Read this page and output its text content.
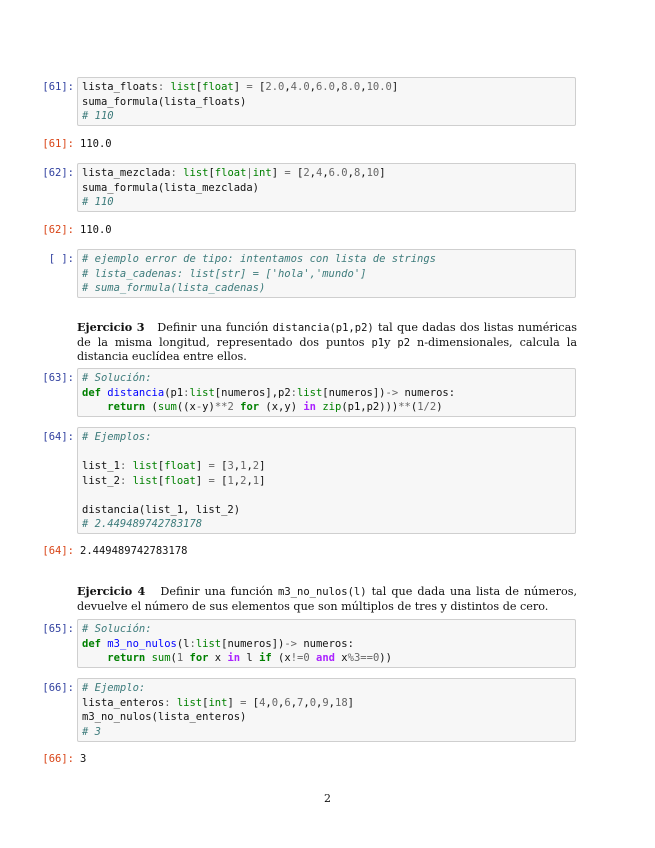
[61]: lista_floats: list[float] = [2.0,4.0,6.0,8.0,10.0]
suma_formula(lista_floats)
# 110
[61]: 110.0
[62]: lista_mezclada: list[float|int] = [2,4,6.0,8,10]
suma_formula(lista_mezclada)
# 110
[62]: 110.0
[ ]: # ejemplo error de tipo: intentamos con lista de strings
# lista_cadenas: list[str] = ['hola','mundo']
# suma_formula(lista_cadenas)
Ejercicio 3 Definir una función distancia(p1,p2) tal que dadas dos listas numéricas de la misma longitud, representado dos puntos p1y p2 n-dimensionales, calcula la distancia euclídea entre ellos.
[63]: # Solución:
def distancia(p1:list[numeros],p2:list[numeros])-> numeros:
return (sum((x-y)**2 for (x,y) in zip(p1,p2)))**(1/2)
[64]: # Ejemplos:

list_1: list[float] = [3,1,2]
list_2: list[float] = [1,2,1]

distancia(list_1, list_2)
# 2.449489742783178
[64]: 2.449489742783178
Ejercicio 4 Definir una función m3_no_nulos(l) tal que dada una lista de números, devuelve el número de sus elementos que son múltiplos de tres y distintos de cero.
[65]: # Solución:
def m3_no_nulos(l:list[numeros])-> numeros:
return sum(1 for x in l if (x!=0 and x%3==0))
[66]: # Ejemplo:
lista_enteros: list[int] = [4,0,6,7,0,9,18]
m3_no_nulos(lista_enteros)
# 3
[66]: 3
2
